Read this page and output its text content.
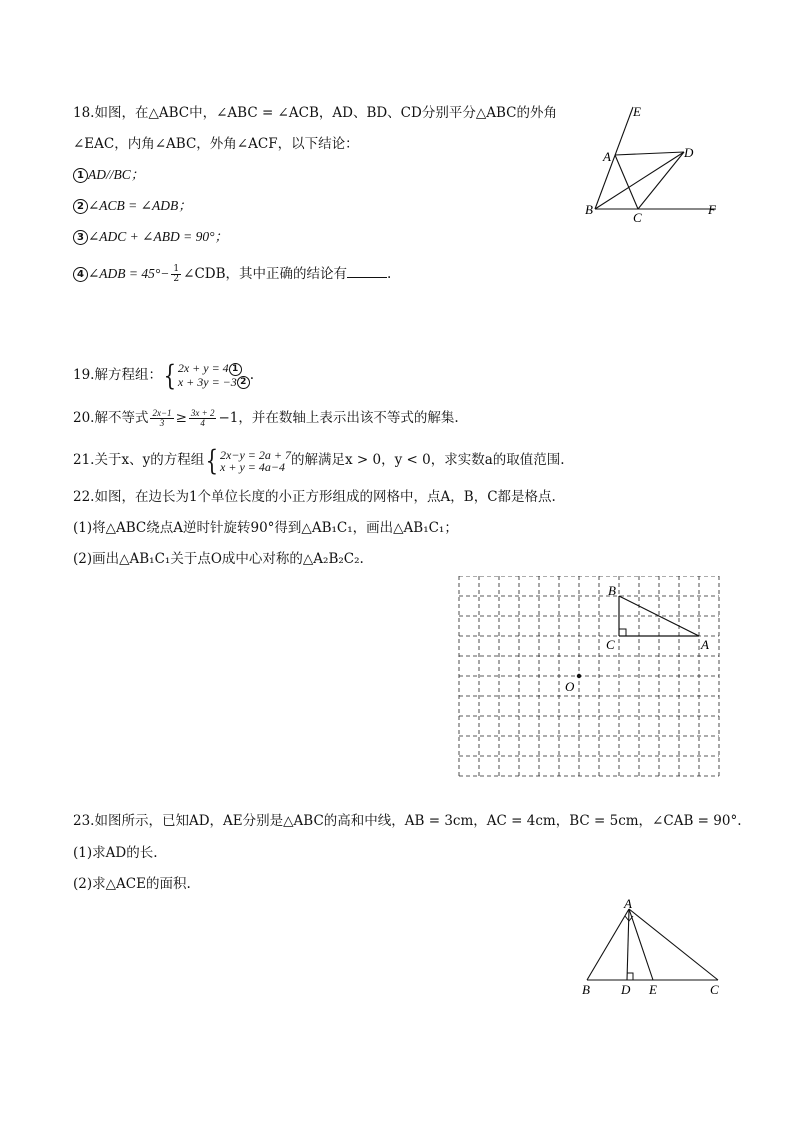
18.如图，在△ABC中，∠ABC = ∠ACB，AD、BD、CD分别平分△ABC的外角
∠EAC，内角∠ABC，外角∠ACF，以下结论：
1 AD//BC；
2 ∠ACB = ∠ADB；
3 ∠ADC + ∠ABD = 90°；
4 ∠ADB = $45^\circ- \frac{1}{2}$ ∠CDB，其中正确的结论有	.
E
A	D
B
C
F
19.解方程组：{ 2x + y = 4 1
x + 3y = −3 2 .
20.解不等式 $\frac{2x-1}{3} \ge \frac{3x + 2}{4} -1$，并在数轴上表示出该不等式的解集.
21.关于x、y的方程组{ 2x−y = 2a + 7
x + y = 4a−4 的解满足x > 0，y < 0，求实数a的取值范围.
22.如图，在边长为1个单位长度的小正方形组成的网格中，点A，B，C都是格点.
(1)将△ABC绕点A逆时针旋转90°得到△AB₁C₁，画出△AB₁C₁；
(2)画出△AB₁C₁关于点O成中心对称的△A₂B₂C₂.
B
C	A
O
23.如图所示，已知AD，AE分别是△ABC的高和中线，AB = 3cm，AC = 4cm，BC = 5cm，∠CAB = 90°.
(1)求AD的长.
(2)求△ACE的面积.
A
B D E	C
